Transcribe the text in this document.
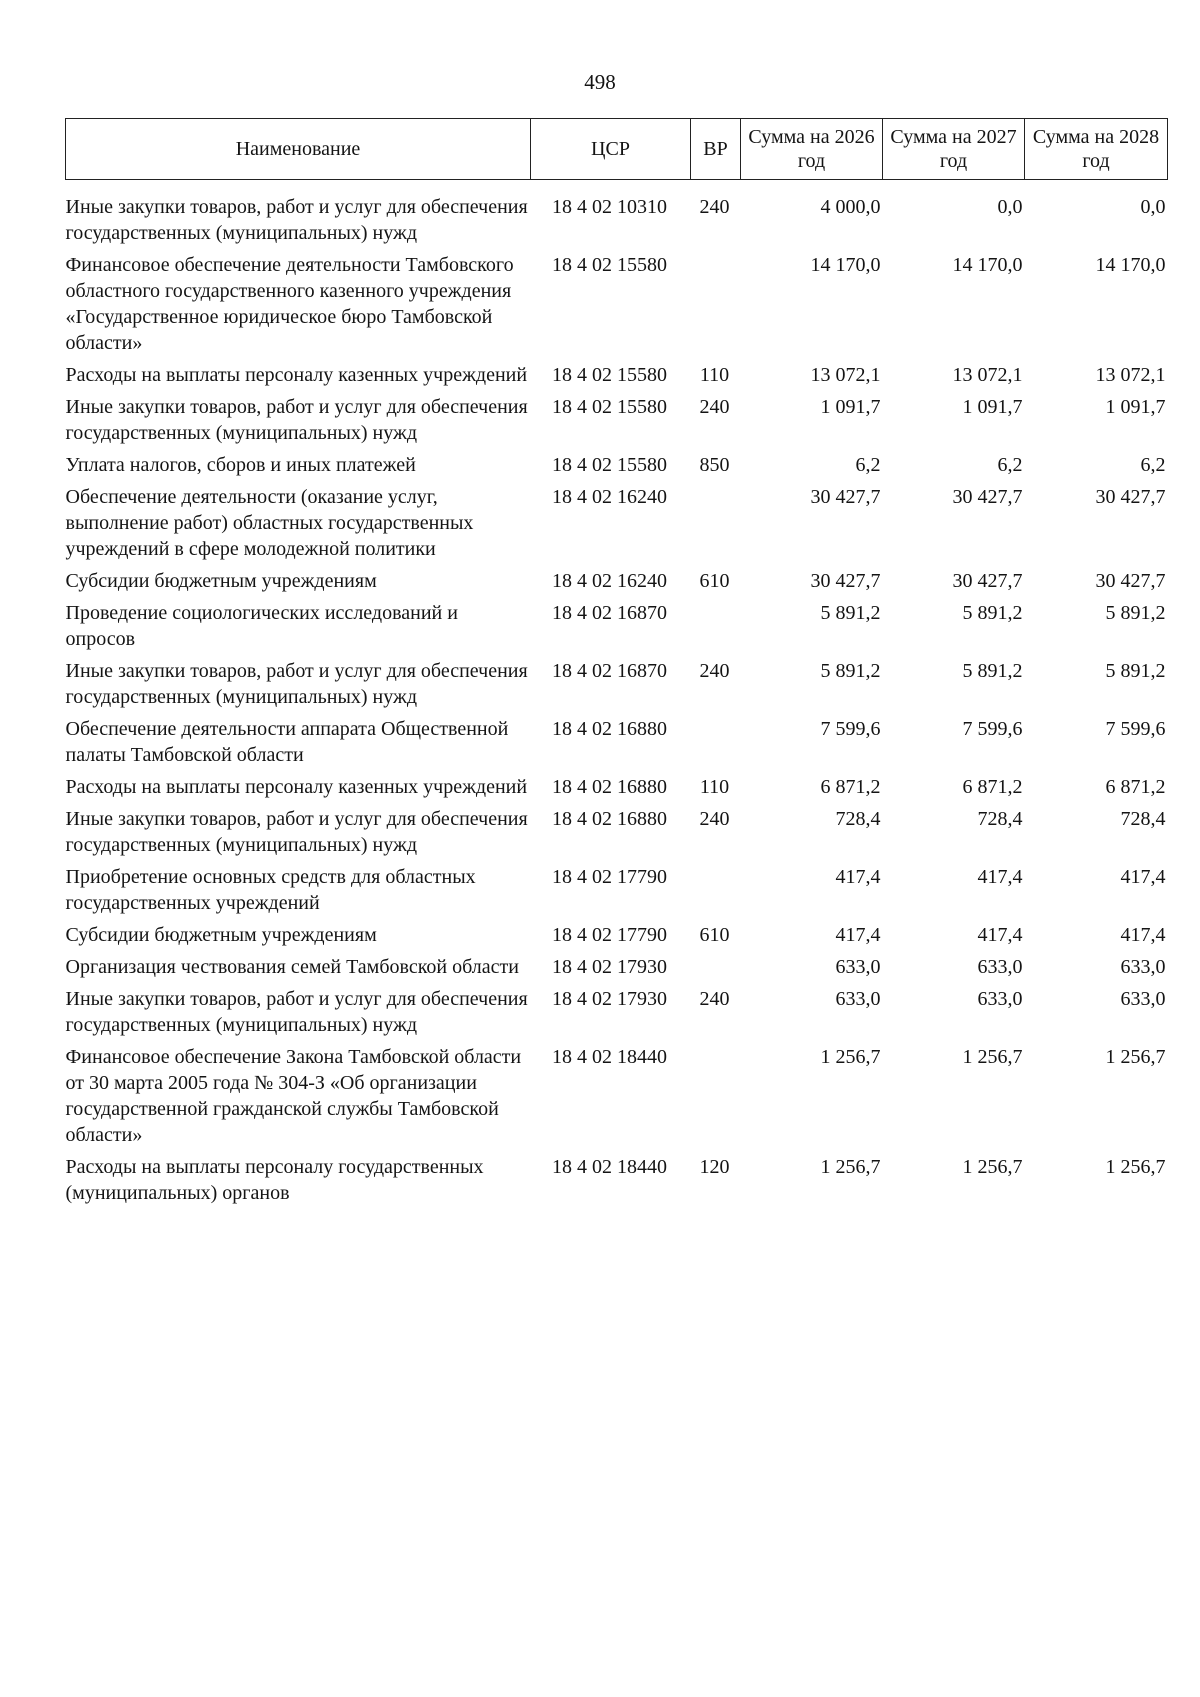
498
Наименование	ЦСР	ВР	Сумма на 2026 год	Сумма на 2027 год	Сумма на 2028 год

Иные закупки товаров, работ и услуг для обеспечения государственных (муниципальных) нужд	18 4 02 10310	240	4 000,0	0,0	0,0
Финансовое обеспечение деятельности Тамбовского областного государственного казенного учреждения «Государственное юридическое бюро Тамбовской области»	18 4 02 15580		14 170,0	14 170,0	14 170,0
Расходы на выплаты персоналу казенных учреждений	18 4 02 15580	110	13 072,1	13 072,1	13 072,1
Иные закупки товаров, работ и услуг для обеспечения государственных (муниципальных) нужд	18 4 02 15580	240	1 091,7	1 091,7	1 091,7
Уплата налогов, сборов и иных платежей	18 4 02 15580	850	6,2	6,2	6,2
Обеспечение деятельности (оказание услуг, выполнение работ) областных государственных учреждений в сфере молодежной политики	18 4 02 16240		30 427,7	30 427,7	30 427,7
Субсидии бюджетным учреждениям	18 4 02 16240	610	30 427,7	30 427,7	30 427,7
Проведение социологических исследований и опросов	18 4 02 16870		5 891,2	5 891,2	5 891,2
Иные закупки товаров, работ и услуг для обеспечения государственных (муниципальных) нужд	18 4 02 16870	240	5 891,2	5 891,2	5 891,2
Обеспечение деятельности аппарата Общественной палаты Тамбовской области	18 4 02 16880		7 599,6	7 599,6	7 599,6
Расходы на выплаты персоналу казенных учреждений	18 4 02 16880	110	6 871,2	6 871,2	6 871,2
Иные закупки товаров, работ и услуг для обеспечения государственных (муниципальных) нужд	18 4 02 16880	240	728,4	728,4	728,4
Приобретение основных средств для областных государственных учреждений	18 4 02 17790		417,4	417,4	417,4
Субсидии бюджетным учреждениям	18 4 02 17790	610	417,4	417,4	417,4
Организация чествования семей Тамбовской области	18 4 02 17930		633,0	633,0	633,0
Иные закупки товаров, работ и услуг для обеспечения государственных (муниципальных) нужд	18 4 02 17930	240	633,0	633,0	633,0
Финансовое обеспечение Закона Тамбовской области от 30 марта 2005 года № 304-З «Об организации государственной гражданской службы Тамбовской области»	18 4 02 18440		1 256,7	1 256,7	1 256,7
Расходы на выплаты персоналу государственных (муниципальных) органов	18 4 02 18440	120	1 256,7	1 256,7	1 256,7
